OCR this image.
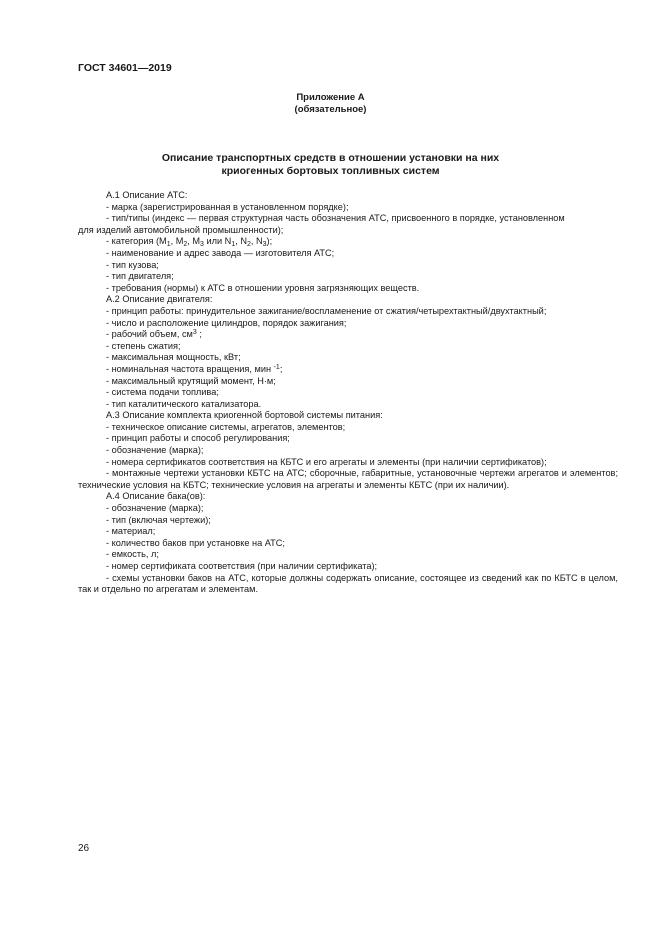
ГОСТ 34601—2019
Приложение А
(обязательное)
Описание транспортных средств в отношении установки на них
криогенных бортовых топливных систем

А.1 Описание АТС:

- марка (зарегистрированная в установленном порядке);

- тип/типы (индекс — первая структурная часть обозначения АТС, присвоенного в порядке, установленном

для изделий автомобильной промышленности);

- категория ($M_1$, $M_2$, $M_3$ или $N_1$, $N_2$, $N_3$);

- наименование и адрес завода — изготовителя АТС;

- тип кузова;

- тип двигателя;

- требования (нормы) к АТС в отношении уровня загрязняющих веществ.

А.2 Описание двигателя:

- принцип работы: принудительное зажигание/воспламенение от сжатия/четырехтактный/двухтактный;

- число и расположение цилиндров, порядок зажигания;

- рабочий объем, $см^3$ ;

- степень сжатия;

- максимальная мощность, кВт;

- номинальная частота вращения, мин $^{-1}$;

- максимальный крутящий момент, Н·м;

- система подачи топлива;

- тип каталитического катализатора.

А.3 Описание комплекта криогенной бортовой системы питания:

- техническое описание системы, агрегатов, элементов;

- принцип работы и способ регулирования;

- обозначение (марка);

- номера сертификатов соответствия на КБТС и его агрегаты и элементы (при наличии сертификатов);

- монтажные чертежи установки КБТС на АТС; сборочные, габаритные, установочные чертежи агрегатов и элементов; технические условия на КБТС; технические условия на агрегаты и элементы КБТС (при их наличии).

А.4 Описание бака(ов):

- обозначение (марка);

- тип (включая чертежи);

- материал;

- количество баков при установке на АТС;

- емкость, л;

- номер сертификата соответствия (при наличии сертификата);

- схемы установки баков на АТС, которые должны содержать описание, состоящее из сведений как по КБТС в целом, так и отдельно по агрегатам и элементам.

26
